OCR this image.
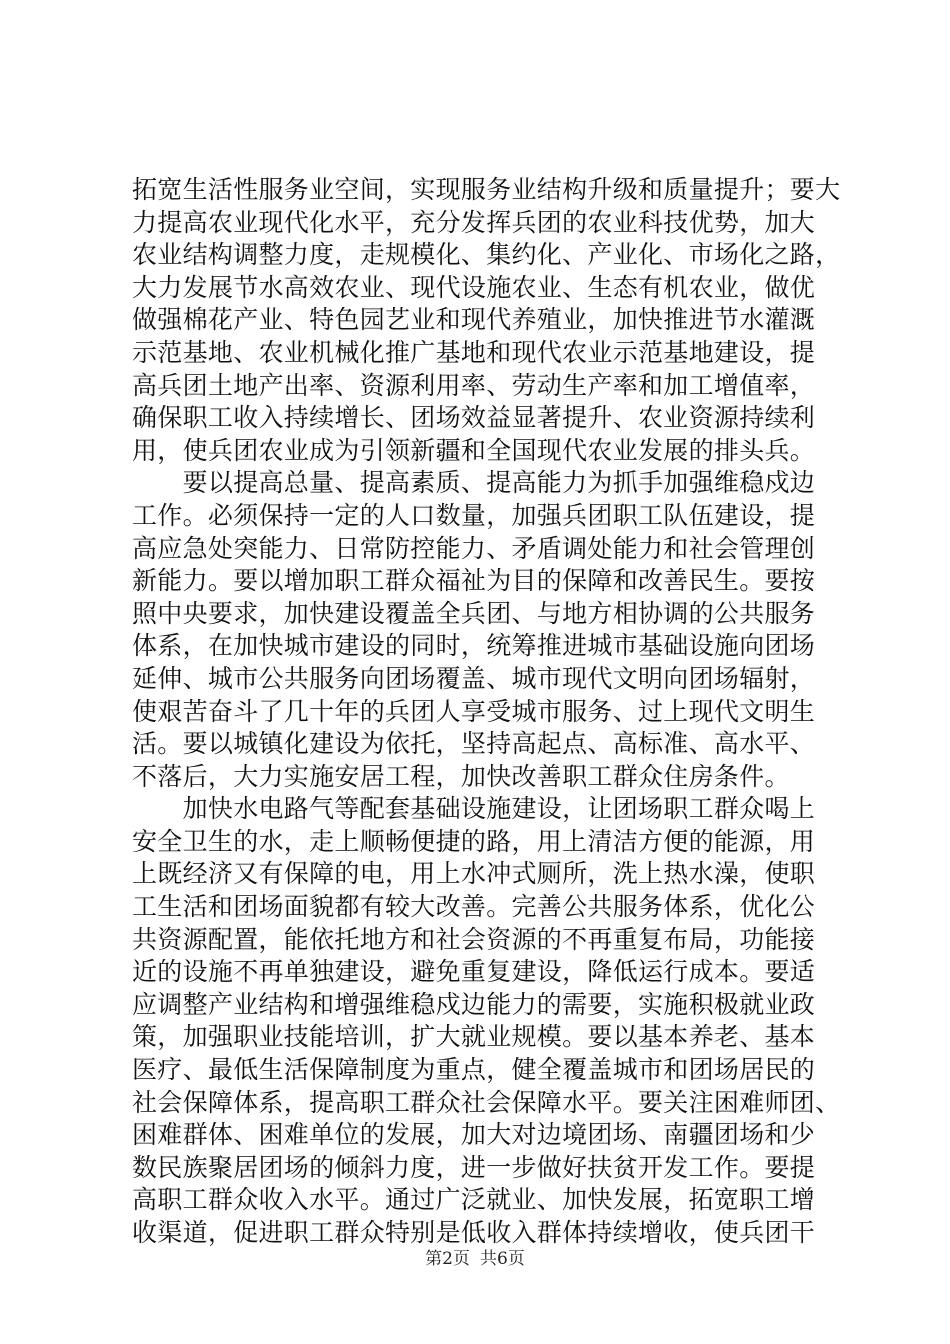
拓宽生活性服务业空间，实现服务业结构升级和质量提升；要大
力提高农业现代化水平，充分发挥兵团的农业科技优势，加大
农业结构调整力度，走规模化、集约化、产业化、市场化之路，
大力发展节水高效农业、现代设施农业、生态有机农业，做优
做强棉花产业、特色园艺业和现代养殖业，加快推进节水灌溉
示范基地、农业机械化推广基地和现代农业示范基地建设，提
高兵团土地产出率、资源利用率、劳动生产率和加工增值率，
确保职工收入持续增长、团场效益显著提升、农业资源持续利
用，使兵团农业成为引领新疆和全国现代农业发展的排头兵。
　　要以提高总量、提高素质、提高能力为抓手加强维稳戍边
工作。必须保持一定的人口数量，加强兵团职工队伍建设，提
高应急处突能力、日常防控能力、矛盾调处能力和社会管理创
新能力。要以增加职工群众福祉为目的保障和改善民生。要按
照中央要求，加快建设覆盖全兵团、与地方相协调的公共服务
体系，在加快城市建设的同时，统筹推进城市基础设施向团场
延伸、城市公共服务向团场覆盖、城市现代文明向团场辐射，
使艰苦奋斗了几十年的兵团人享受城市服务、过上现代文明生
活。要以城镇化建设为依托，坚持高起点、高标准、高水平、
不落后，大力实施安居工程，加快改善职工群众住房条件。
　　加快水电路气等配套基础设施建设，让团场职工群众喝上
安全卫生的水，走上顺畅便捷的路，用上清洁方便的能源，用
上既经济又有保障的电，用上水冲式厕所，洗上热水澡，使职
工生活和团场面貌都有较大改善。完善公共服务体系，优化公
共资源配置，能依托地方和社会资源的不再重复布局，功能接
近的设施不再单独建设，避免重复建设，降低运行成本。要适
应调整产业结构和增强维稳戍边能力的需要，实施积极就业政
策，加强职业技能培训，扩大就业规模。要以基本养老、基本
医疗、最低生活保障制度为重点，健全覆盖城市和团场居民的
社会保障体系，提高职工群众社会保障水平。要关注困难师团、
困难群体、困难单位的发展，加大对边境团场、南疆团场和少
数民族聚居团场的倾斜力度，进一步做好扶贫开发工作。要提
高职工群众收入水平。通过广泛就业、加快发展，拓宽职工增
收渠道，促进职工群众特别是低收入群体持续增收，使兵团干
第2页 共6页
